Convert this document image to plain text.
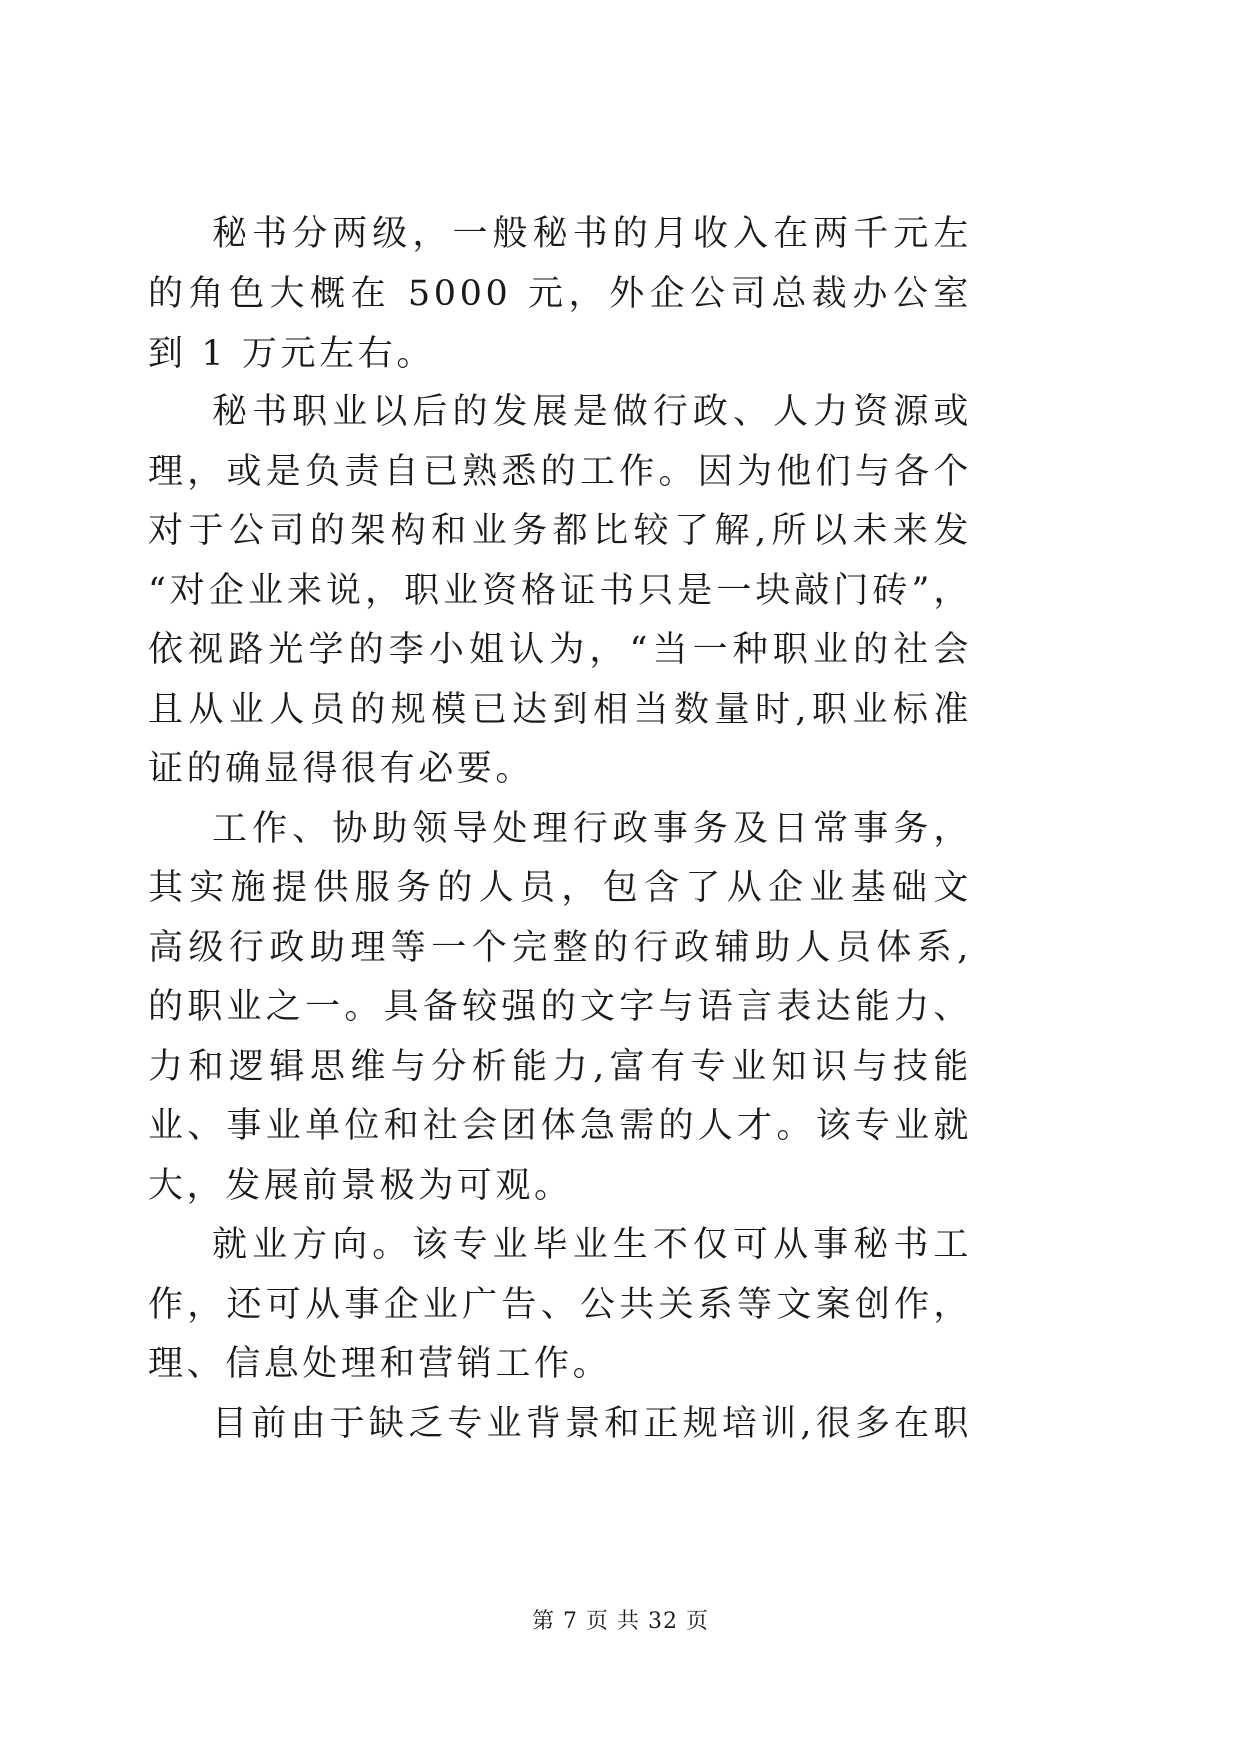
秘书分两级，一般秘书的月收入在两千元左
的角色大概在 5000 元，外企公司总裁办公室
到 1 万元左右。
秘书职业以后的发展是做行政、人力资源或
理，或是负责自已熟悉的工作。因为他们与各个
对于公司的架构和业务都比较了解,所以未来发
“对企业来说，职业资格证书只是一块敲门砖”，
依视路光学的李小姐认为，“当一种职业的社会
且从业人员的规模已达到相当数量时,职业标准
证的确显得很有必要。
工作、协助领导处理行政事务及日常事务，
其实施提供服务的人员，包含了从企业基础文
高级行政助理等一个完整的行政辅助人员体系,
的职业之一。具备较强的文字与语言表达能力、
力和逻辑思维与分析能力,富有专业知识与技能
业、事业单位和社会团体急需的人才。该专业就
大，发展前景极为可观。
就业方向。该专业毕业生不仅可从事秘书工
作，还可从事企业广告、公共关系等文案创作，
理、信息处理和营销工作。
目前由于缺乏专业背景和正规培训,很多在职
第 7 页 共 32 页
